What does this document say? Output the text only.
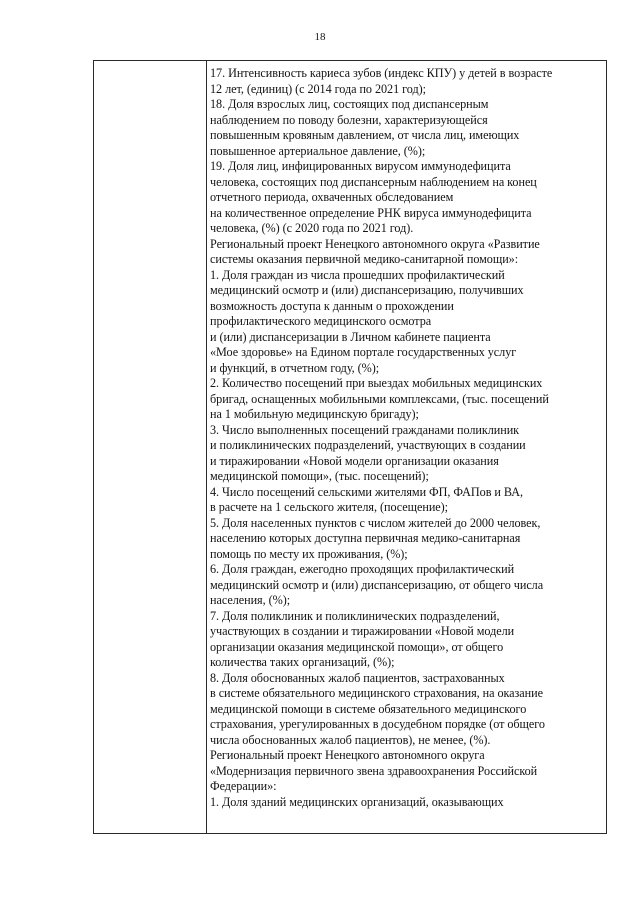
18
17. Интенсивность кариеса зубов (индекс КПУ) у детей в возрасте
12 лет, (единиц) (с 2014 года по 2021 год);
18. Доля взрослых лиц, состоящих под диспансерным
наблюдением по поводу болезни, характеризующейся
повышенным кровяным давлением, от числа лиц, имеющих
повышенное артериальное давление, (%);
19. Доля лиц, инфицированных вирусом иммунодефицита
человека, состоящих под диспансерным наблюдением на конец
отчетного периода, охваченных обследованием
на количественное определение РНК вируса иммунодефицита
человека, (%) (с 2020 года по 2021 год).
Региональный проект Ненецкого автономного округа «Развитие
системы оказания первичной медико-санитарной помощи»:
1. Доля граждан из числа прошедших профилактический
медицинский осмотр и (или) диспансеризацию, получивших
возможность доступа к данным о прохождении
профилактического медицинского осмотра
и (или) диспансеризации в Личном кабинете пациента
«Мое здоровье» на Едином портале государственных услуг
и функций, в отчетном году, (%);
2. Количество посещений при выездах мобильных медицинских
бригад, оснащенных мобильными комплексами, (тыс. посещений
на 1 мобильную медицинскую бригаду);
3. Число выполненных посещений гражданами поликлиник
и поликлинических подразделений, участвующих в создании
и тиражировании «Новой модели организации оказания
медицинской помощи», (тыс. посещений);
4. Число посещений сельскими жителями ФП, ФАПов и ВА,
в расчете на 1 сельского жителя, (посещение);
5. Доля населенных пунктов с числом жителей до 2000 человек,
населению которых доступна первичная медико-санитарная
помощь по месту их проживания, (%);
6. Доля граждан, ежегодно проходящих профилактический
медицинский осмотр и (или) диспансеризацию, от общего числа
населения, (%);
7. Доля поликлиник и поликлинических подразделений,
участвующих в создании и тиражировании «Новой модели
организации оказания медицинской помощи», от общего
количества таких организаций, (%);
8. Доля обоснованных жалоб пациентов, застрахованных
в системе обязательного медицинского страхования, на оказание
медицинской помощи в системе обязательного медицинского
страхования, урегулированных в досудебном порядке (от общего
числа обоснованных жалоб пациентов), не менее, (%).
Региональный проект Ненецкого автономного округа
«Модернизация первичного звена здравоохранения Российской
Федерации»:
1. Доля зданий медицинских организаций, оказывающих
